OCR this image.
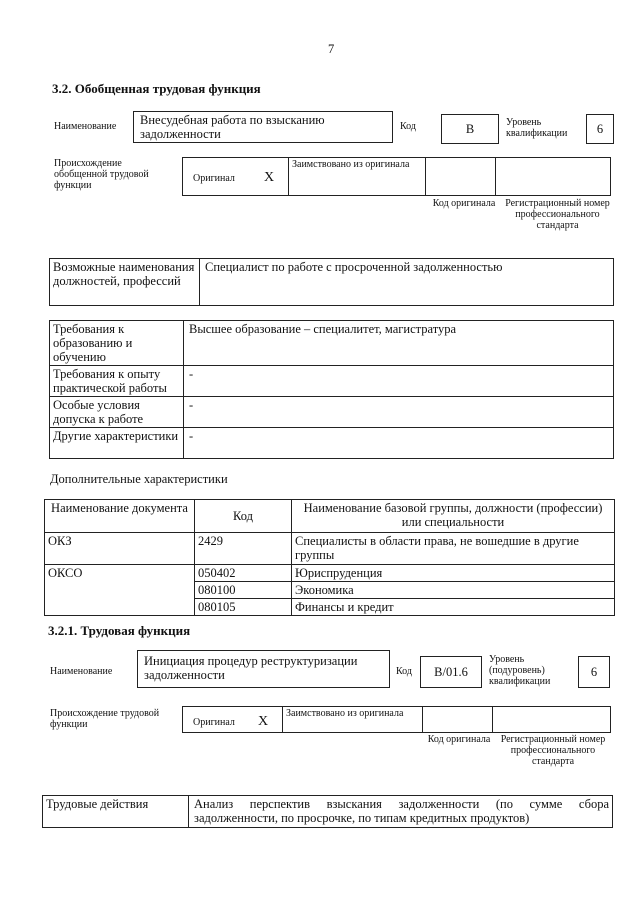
7
3.2. Обобщенная трудовая функция
Наименование Внесудебная работа по взысканию задолженности
Код	В	Уровень квалификации	6
Происхождение обобщенной трудовой функции
$_{Оригинал}$ X	
Заимствовано из оригинала

Код оригинала Регистрационный номер профессионального стандарта
Возможные наименования должностей, профессий	Специалист по работе с просроченной задолженностью
Требования к образованию и обучению	Высшее образование – специалитет, магистратура
Требования к опыту практической работы	-
Особые условия допуска к работе	-
Другие характеристики	-
Дополнительные характеристики
Наименование документа	Код	Наименование базовой группы, должности (профессии) или специальности
ОКЗ	2429	Специалисты в области права, не вошедшие в другие группы
ОКСО	050402	Юриспруденция
	080100	Экономика
	080105	Финансы и кредит
3.2.1. Трудовая функция
Наименование
Инициация процедур реструктуризации задолженности	Код	B/01.6
Уровень (подуровень) квалификации
6
Происхождение трудовой функции	$_{Оригинал}$ X	
Заимствовано из оригинала

Код оригинала	Регистрационный номер профессионального стандарта
Трудовые действия	Анализ перспектив взыскания задолженности (по сумме сбора
задолженности, по просрочке, по типам кредитных продуктов)
